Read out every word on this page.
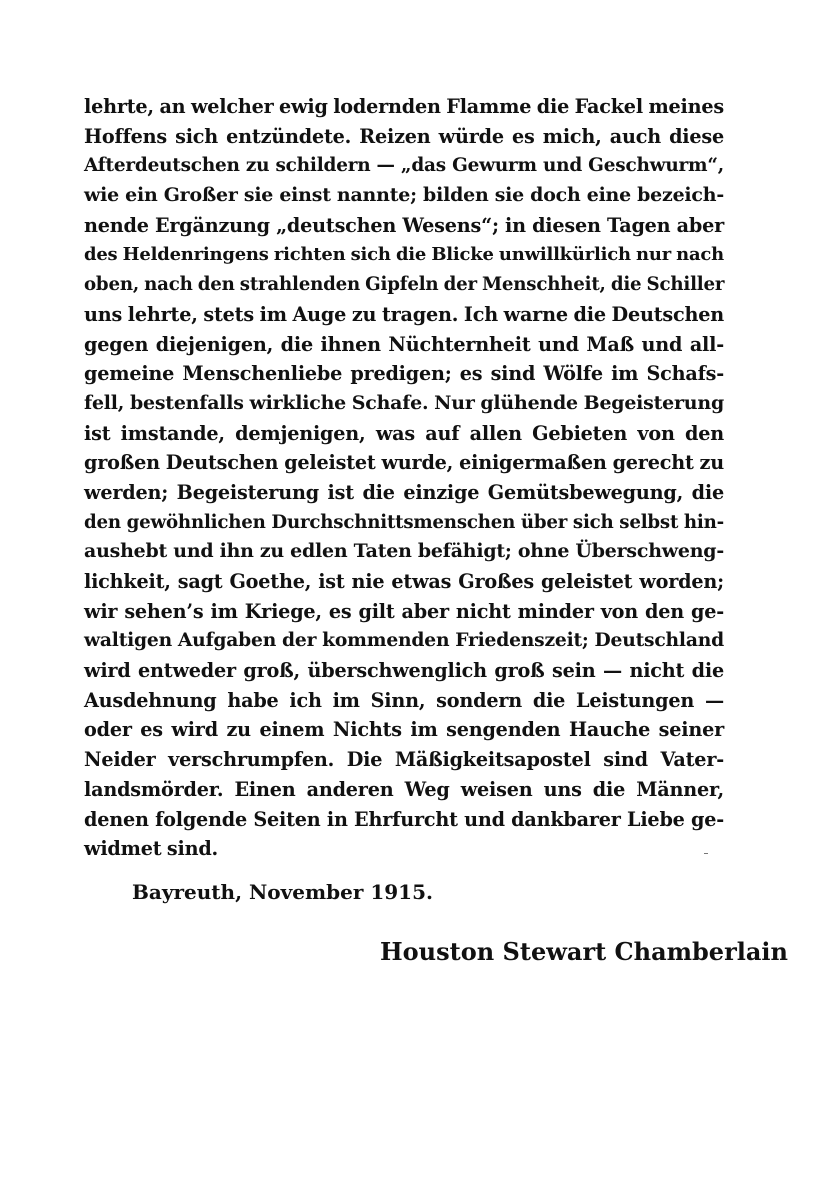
lehrte, an welcher ewig lodernden Flamme die Fackel meines
Hoffens sich entzündete. Reizen würde es mich, auch diese
Afterdeutschen zu schildern — „das Gewurm und Geschwurm“,
wie ein Großer sie einst nannte; bilden sie doch eine bezeich-
nende Ergänzung „deutschen Wesens“; in diesen Tagen aber
des Heldenringens richten sich die Blicke unwillkürlich nur nach
oben, nach den strahlenden Gipfeln der Menschheit, die Schiller
uns lehrte, stets im Auge zu tragen. Ich warne die Deutschen
gegen diejenigen, die ihnen Nüchternheit und Maß und all-
gemeine Menschenliebe predigen; es sind Wölfe im Schafs-
fell, bestenfalls wirkliche Schafe. Nur glühende Begeisterung
ist imstande, demjenigen, was auf allen Gebieten von den
großen Deutschen geleistet wurde, einigermaßen gerecht zu
werden; Begeisterung ist die einzige Gemütsbewegung, die
den gewöhnlichen Durchschnittsmenschen über sich selbst hin-
aushebt und ihn zu edlen Taten befähigt; ohne Überschweng-
lichkeit, sagt Goethe, ist nie etwas Großes geleistet worden;
wir sehen’s im Kriege, es gilt aber nicht minder von den ge-
waltigen Aufgaben der kommenden Friedenszeit; Deutschland
wird entweder groß, überschwenglich groß sein — nicht die
Ausdehnung habe ich im Sinn, sondern die Leistungen —
oder es wird zu einem Nichts im sengenden Hauche seiner
Neider verschrumpfen. Die Mäßigkeitsapostel sind Vater-
landsmörder. Einen anderen Weg weisen uns die Männer,
denen folgende Seiten in Ehrfurcht und dankbarer Liebe ge-
widmet sind.
Bayreuth, November 1915.
Houston Stewart Chamberlain
